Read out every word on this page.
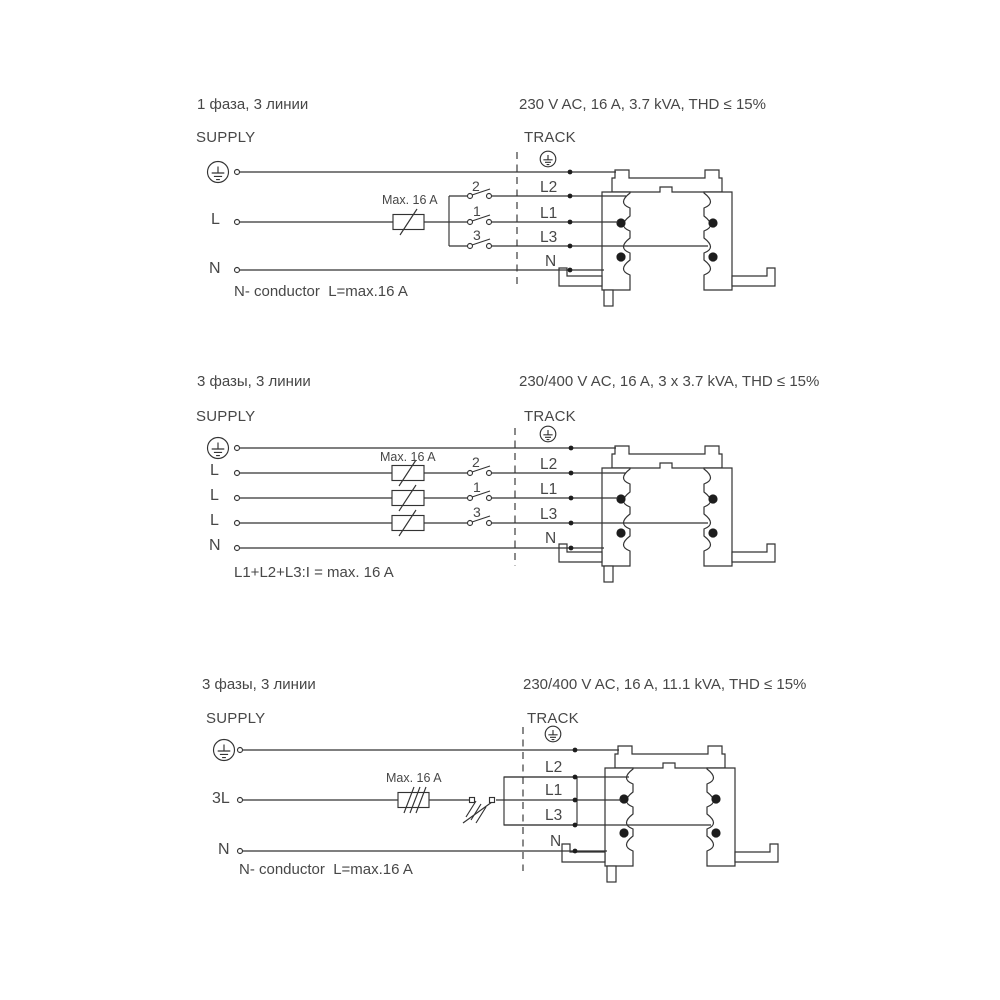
1 фаза, 3 линии	230 V AC, 16 A, 3.7 kVA, THD ≤ 15%
SUPPLY	TRACK
L
N
Max. 16 A
2
1
3
L2
L1
L3
N
N- conductor  L=max.16 A
3 фазы, 3 линии	230/400 V AC, 16 A, 3 x 3.7 kVA, THD ≤ 15%
SUPPLY	TRACK
L
L
L
N
Max. 16 A	2
1
3
L2
L1
L3
N
L1+L2+L3:I = max. 16 A
3 фазы, 3 линии	230/400 V AC, 16 A, 11.1 kVA, THD ≤ 15%
SUPPLY	TRACK
3L
N
Max. 16 A
L2
L1
L3
N
N- conductor  L=max.16 A
